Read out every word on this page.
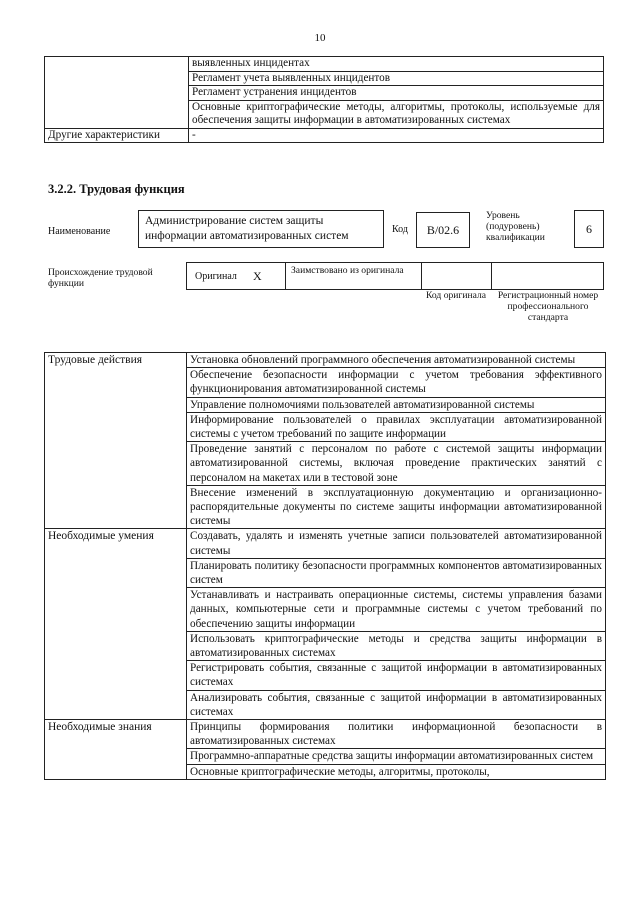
10
	выявленных инцидентах
	Регламент учета выявленных инцидентов
	Регламент устранения инцидентов
	Основные криптографические методы, алгоритмы, протоколы, используемые для обеспечения защиты информации в автоматизированных системах
Другие характеристики	-
3.2.2. Трудовая функция
Наименование
Администрирование систем защиты информации автоматизированных систем
Код	В/02.6
Уровень (подуровень) квалификации
6
Происхождение трудовой функции
Оригинал X	Заимствовано из оригинала
Код оригинала Регистрационный номер профессионального стандарта
Трудовые действия	Установка обновлений программного обеспечения автоматизированной системы
	Обеспечение безопасности информации с учетом требования эффективного функционирования автоматизированной системы
	Управление полномочиями пользователей автоматизированной системы
	Информирование пользователей о правилах эксплуатации автоматизированной системы с учетом требований по защите информации
	Проведение занятий с персоналом по работе с системой защиты информации автоматизированной системы, включая проведение практических занятий с персоналом на макетах или в тестовой зоне
	Внесение изменений в эксплуатационную документацию и организационно-распорядительные документы по системе защиты информации автоматизированной системы
Необходимые умения	Создавать, удалять и изменять учетные записи пользователей автоматизированной системы
	Планировать политику безопасности программных компонентов автоматизированных систем
	Устанавливать и настраивать операционные системы, системы управления базами данных, компьютерные сети и программные системы с учетом требований по обеспечению защиты информации
	Использовать криптографические методы и средства защиты информации в автоматизированных системах
	Регистрировать события, связанные с защитой информации в автоматизированных системах
	Анализировать события, связанные с защитой информации в автоматизированных системах
Необходимые знания	Принципы формирования политики информационной безопасности в автоматизированных системах
	Программно-аппаратные средства защиты информации автоматизированных систем
	Основные криптографические методы, алгоритмы, протоколы,
